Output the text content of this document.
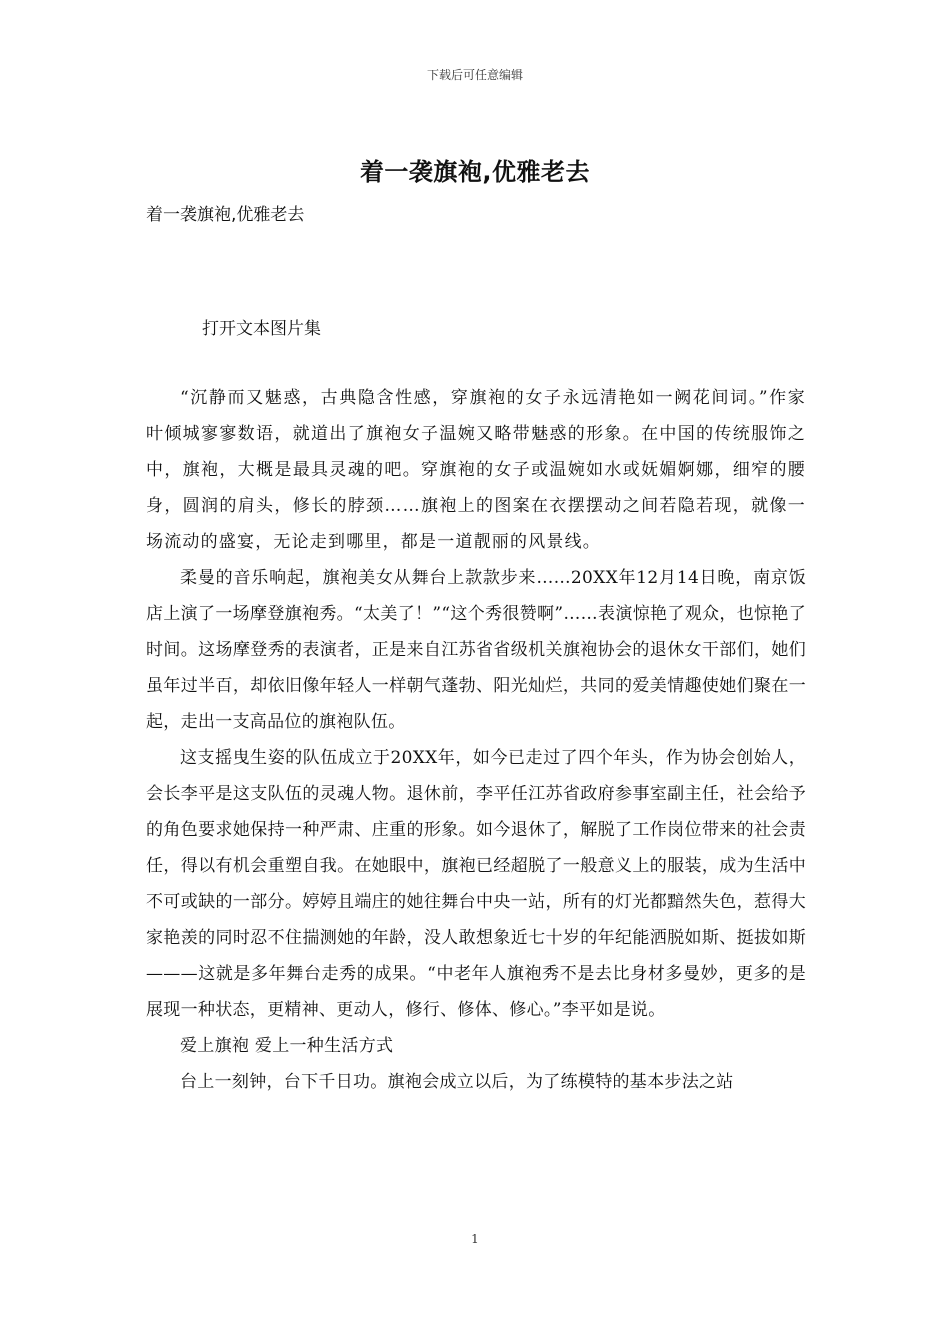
下载后可任意编辑
着一袭旗袍,优雅老去
着一袭旗袍,优雅老去
打开文本图片集

“沉静而又魅惑，古典隐含性感，穿旗袍的女子永远清艳如一阙花间词。”作家叶倾城寥寥数语，就道出了旗袍女子温婉又略带魅惑的形象。在中国的传统服饰之中，旗袍，大概是最具灵魂的吧。穿旗袍的女子或温婉如水或妩媚婀娜，细窄的腰身，圆润的肩头，修长的脖颈……旗袍上的图案在衣摆摆动之间若隐若现，就像一场流动的盛宴，无论走到哪里，都是一道靓丽的风景线。

柔曼的音乐响起，旗袍美女从舞台上款款步来……20XX年12月14日晚，南京饭店上演了一场摩登旗袍秀。“太美了！”“这个秀很赞啊”……表演惊艳了观众，也惊艳了时间。这场摩登秀的表演者，正是来自江苏省省级机关旗袍协会的退休女干部们，她们虽年过半百，却依旧像年轻人一样朝气蓬勃、阳光灿烂，共同的爱美情趣使她们聚在一起，走出一支高品位的旗袍队伍。

这支摇曳生姿的队伍成立于20XX年，如今已走过了四个年头，作为协会创始人，会长李平是这支队伍的灵魂人物。退休前，李平任江苏省政府参事室副主任，社会给予的角色要求她保持一种严肃、庄重的形象。如今退休了，解脱了工作岗位带来的社会责任，得以有机会重塑自我。在她眼中，旗袍已经超脱了一般意义上的服装，成为生活中不可或缺的一部分。婷婷且端庄的她往舞台中央一站，所有的灯光都黯然失色，惹得大家艳羡的同时忍不住揣测她的年龄，没人敢想象近七十岁的年纪能洒脱如斯、挺拔如斯———这就是多年舞台走秀的成果。“中老年人旗袍秀不是去比身材多曼妙，更多的是展现一种状态，更精神、更动人，修行、修体、修心。”李平如是说。

爱上旗袍 爱上一种生活方式

台上一刻钟，台下千日功。旗袍会成立以后，为了练模特的基本步法之站

1
